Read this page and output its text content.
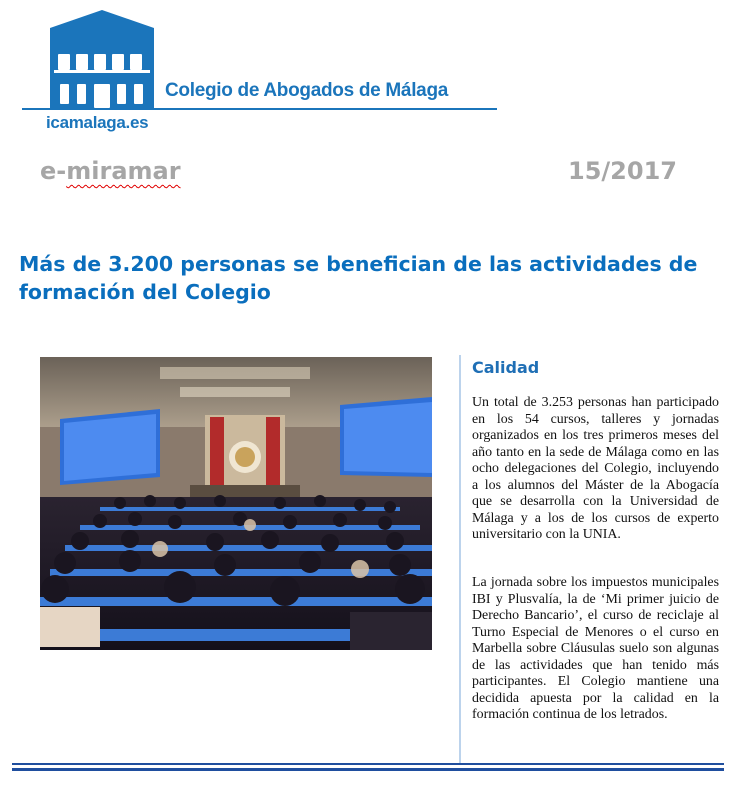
Colegio de Abogados de Málaga
icamalaga.es
e-miramar	15/2017
Más de 3.200 personas se benefician de las actividades de formación del Colegio
Calidad

Un total de 3.253 personas han participado en los 54 cursos, talleres y jornadas organizados en los tres primeros meses del año tanto en la sede de Málaga como en las ocho delegaciones del Colegio, incluyendo a los alumnos del Máster de la Abogacía que se desarrolla con la Universidad de Málaga y a los de los cursos de experto universitario con la UNIA.

La jornada sobre los impuestos municipales IBI y Plusvalía, la de ‘Mi primer juicio de Derecho Bancario’, el curso de reciclaje al Turno Especial de Menores o el curso en Marbella sobre Cláusulas suelo son algunas de las actividades que han tenido más participantes. El Colegio mantiene una decidida apuesta por la calidad en la formación continua de los letrados.
